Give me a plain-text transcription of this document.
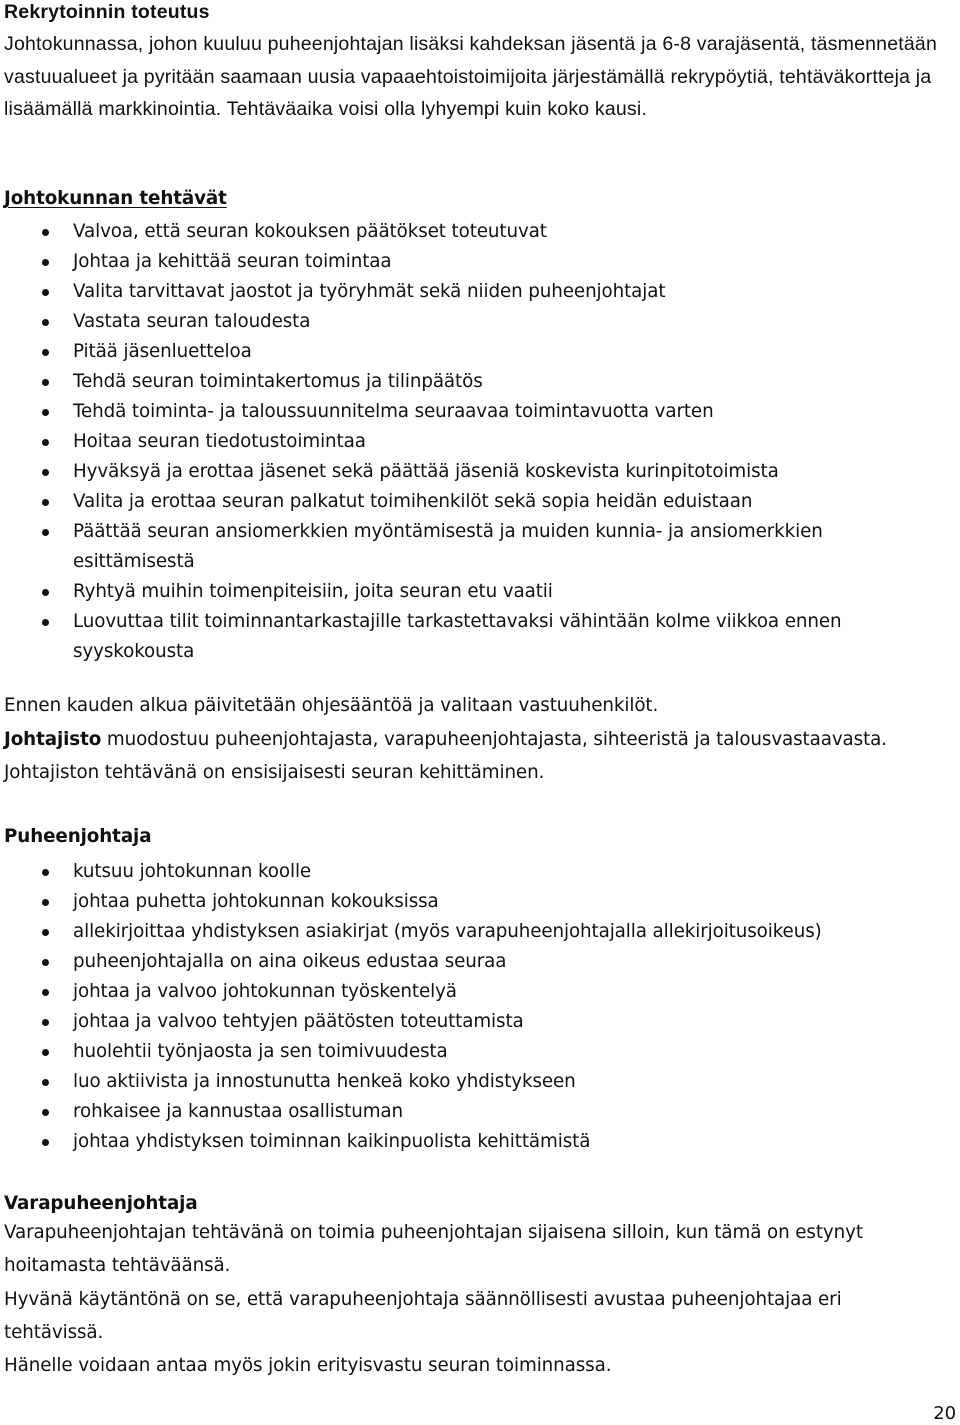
Rekrytoinnin toteutus

Johtokunnassa, johon kuuluu puheenjohtajan lisäksi kahdeksan jäsentä ja 6-8 varajäsentä, täsmennetään vastuualueet ja pyritään saamaan uusia vapaaehtoistoimijoita järjestämällä rekrypöytiä, tehtäväkortteja ja lisäämällä markkinointia. Tehtäväaika voisi olla lyhyempi kuin koko kausi.

Johtokunnan tehtävät
Valvoa, että seuran kokouksen päätökset toteutuvat
Johtaa ja kehittää seuran toimintaa
Valita tarvittavat jaostot ja työryhmät sekä niiden puheenjohtajat
Vastata seuran taloudesta
Pitää jäsenluetteloa
Tehdä seuran toimintakertomus ja tilinpäätös
Tehdä toiminta- ja taloussuunnitelma seuraavaa toimintavuotta varten
Hoitaa seuran tiedotustoimintaa
Hyväksyä ja erottaa jäsenet sekä päättää jäseniä koskevista kurinpitotoimista
Valita ja erottaa seuran palkatut toimihenkilöt sekä sopia heidän eduistaan
Päättää seuran ansiomerkkien myöntämisestä ja muiden kunnia- ja ansiomerkkien esittämisestä
Ryhtyä muihin toimenpiteisiin, joita seuran etu vaatii
Luovuttaa tilit toiminnantarkastajille tarkastettavaksi vähintään kolme viikkoa ennen syyskokousta

Ennen kauden alkua päivitetään ohjesääntöä ja valitaan vastuuhenkilöt.

Johtajisto muodostuu puheenjohtajasta, varapuheenjohtajasta, sihteeristä ja talousvastaavasta. Johtajiston tehtävänä on ensisijaisesti seuran kehittäminen.

Puheenjohtaja
kutsuu johtokunnan koolle
johtaa puhetta johtokunnan kokouksissa
allekirjoittaa yhdistyksen asiakirjat (myös varapuheenjohtajalla allekirjoitusoikeus)
puheenjohtajalla on aina oikeus edustaa seuraa
johtaa ja valvoo johtokunnan työskentelyä
johtaa ja valvoo tehtyjen päätösten toteuttamista
huolehtii työnjaosta ja sen toimivuudesta
luo aktiivista ja innostunutta henkeä koko yhdistykseen
rohkaisee ja kannustaa osallistuman
johtaa yhdistyksen toiminnan kaikinpuolista kehittämistä
Varapuheenjohtaja

Varapuheenjohtajan tehtävänä on toimia puheenjohtajan sijaisena silloin, kun tämä on estynyt hoitamasta tehtäväänsä.

Hyvänä käytäntönä on se, että varapuheenjohtaja säännöllisesti avustaa puheenjohtajaa eri tehtävissä.

Hänelle voidaan antaa myös jokin erityisvastu seuran toiminnassa.

20
